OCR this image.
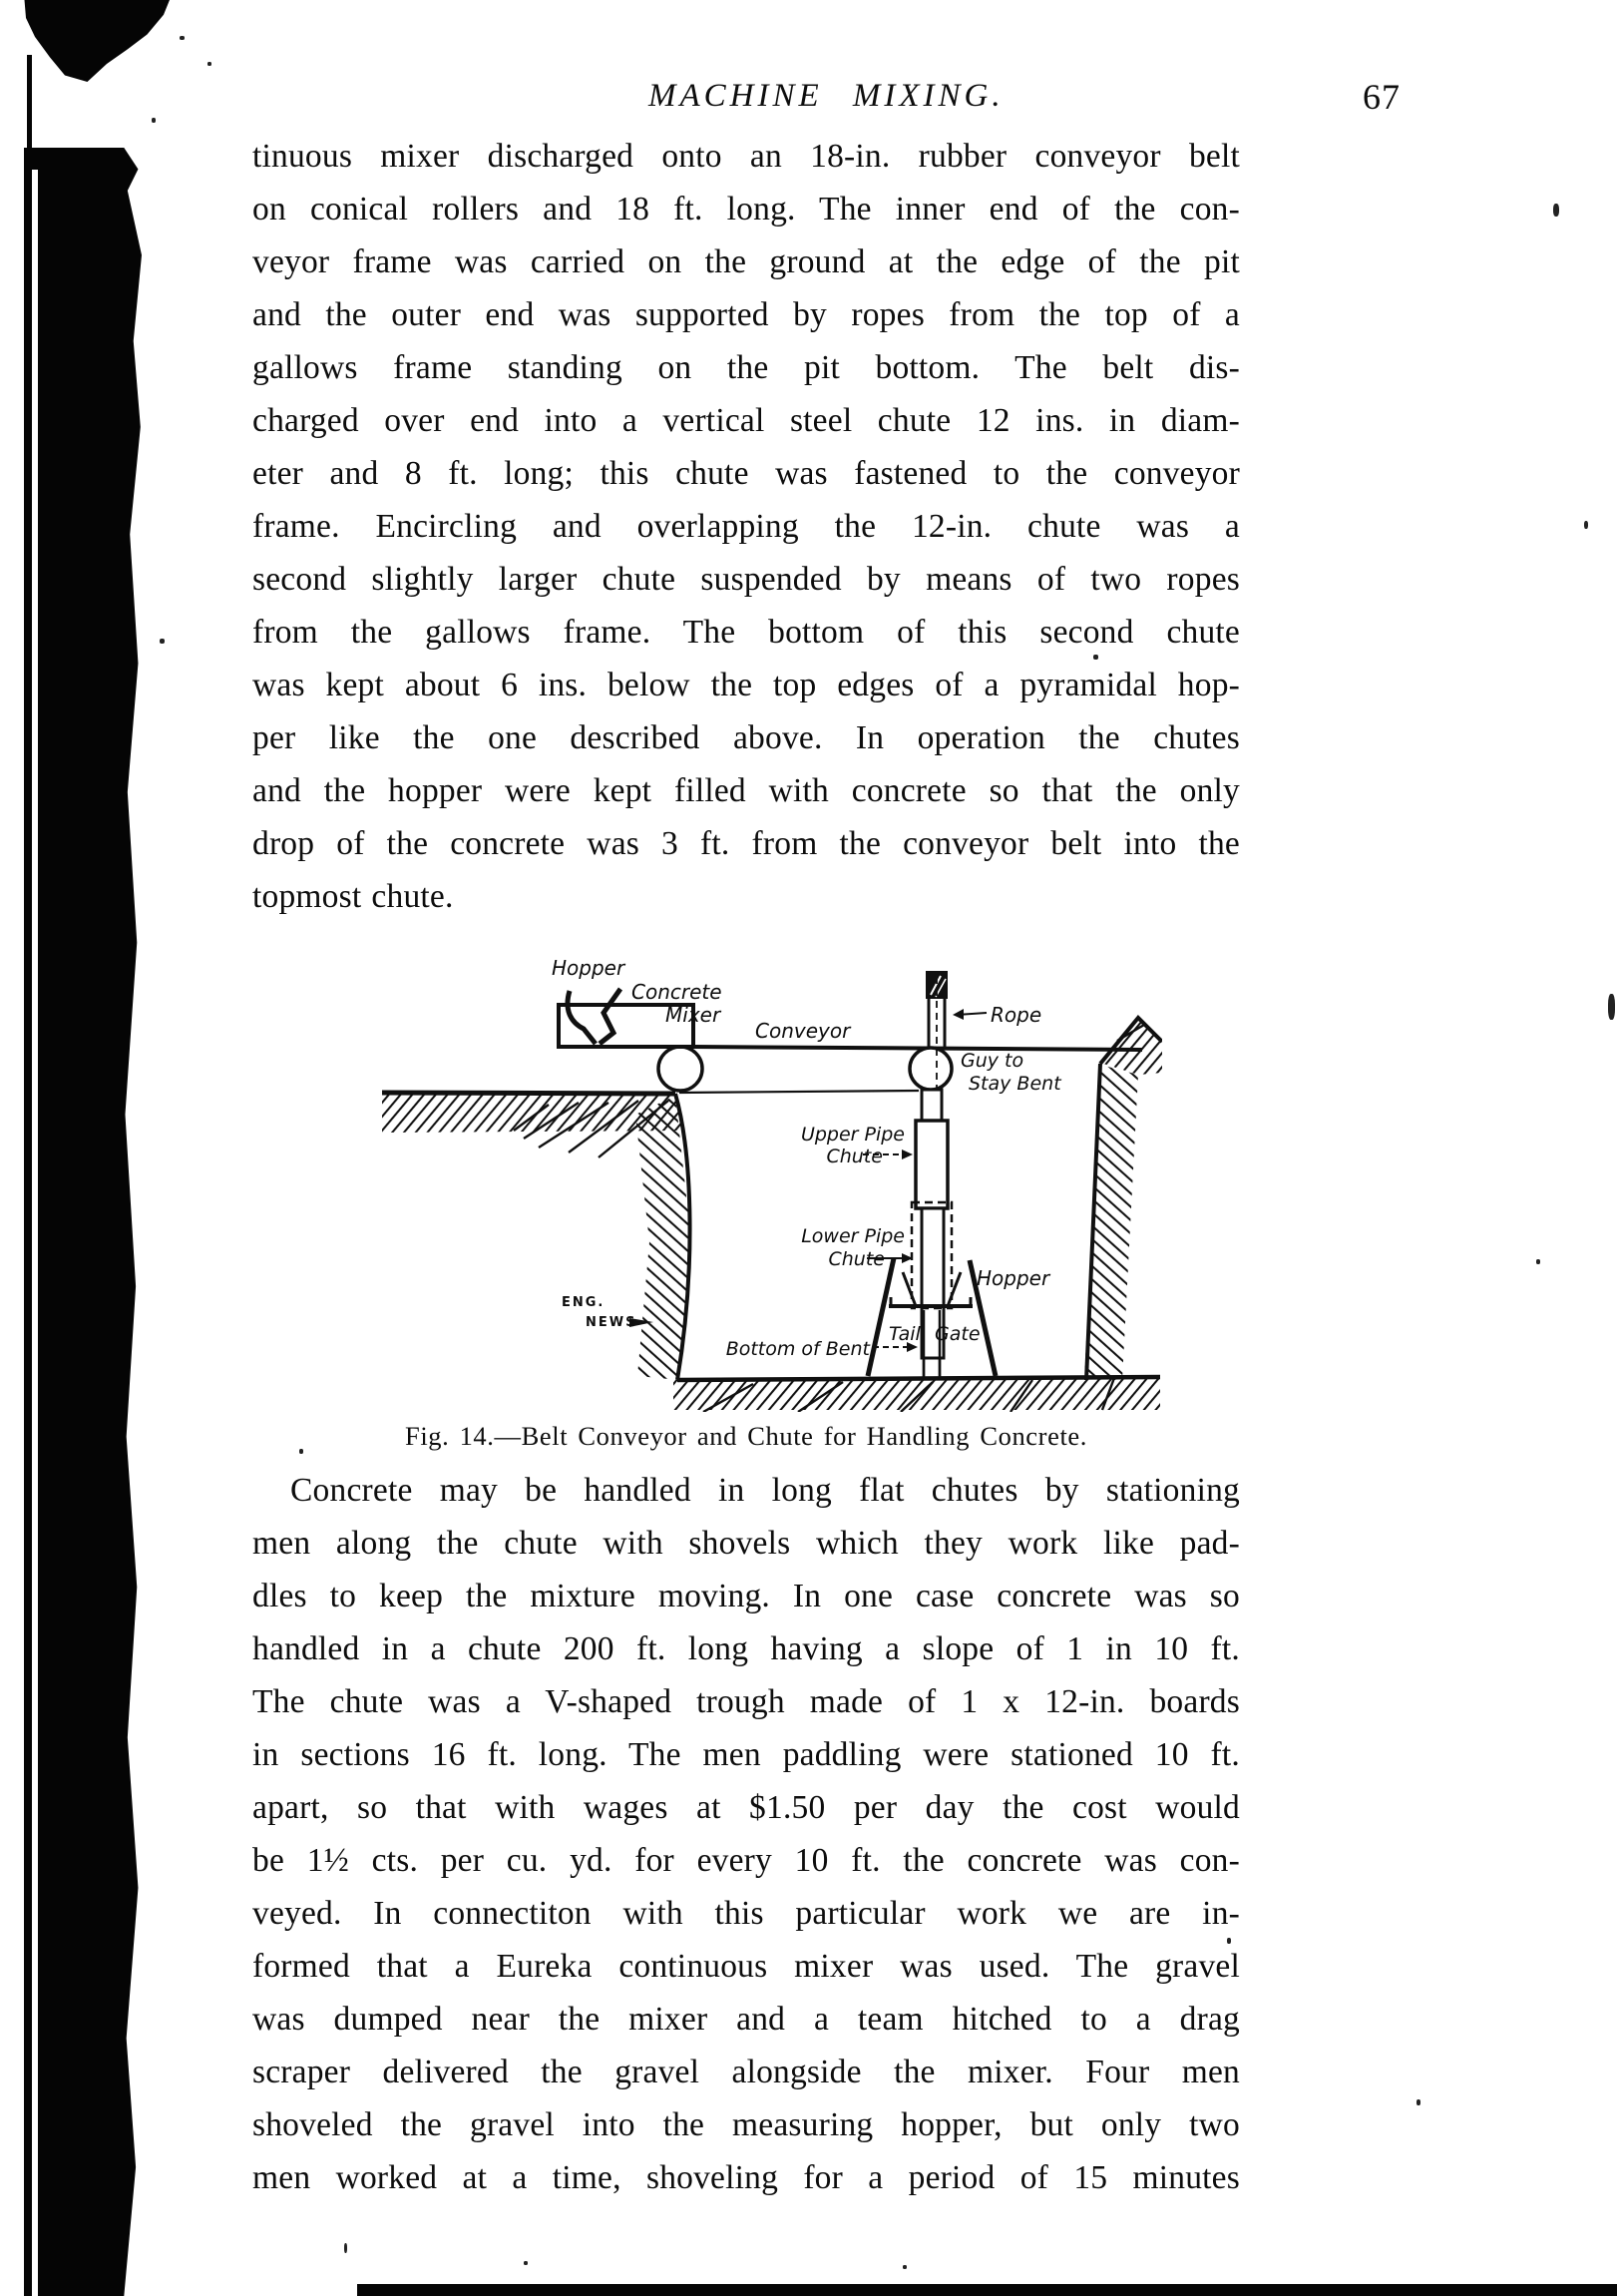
MACHINE MIXING.	67
tinuous mixer discharged onto an 18-in. rubber conveyor belt
on conical rollers and 18 ft. long. The inner end of the con-
veyor frame was carried on the ground at the edge of the pit
and the outer end was supported by ropes from the top of a
gallows frame standing on the pit bottom. The belt dis-
charged over end into a vertical steel chute 12 ins. in diam-
eter and 8 ft. long; this chute was fastened to the conveyor
frame. Encircling and overlapping the 12-in. chute was a
second slightly larger chute suspended by means of two ropes
from the gallows frame. The bottom of this second chute
was kept about 6 ins. below the top edges of a pyramidal hop-
per like the one described above. In operation the chutes
and the hopper were kept filled with concrete so that the only
drop of the concrete was 3 ft. from the conveyor belt into the
topmost chute.
Hopper
Concrete
Mixer
Conveyor
Rope
Guy to
Stay Bent
Upper Pipe
Chute
Lower Pipe
Chute
Hopper
Tail Gate
Bottom of Bent
ENG.
NEWS
Fig. 14.—Belt Conveyor and Chute for Handling Concrete.
Concrete may be handled in long flat chutes by stationing
men along the chute with shovels which they work like pad-
dles to keep the mixture moving. In one case concrete was so
handled in a chute 200 ft. long having a slope of 1 in 10 ft.
The chute was a V-shaped trough made of 1 x 12-in. boards
in sections 16 ft. long. The men paddling were stationed 10 ft.
apart, so that with wages at $1.50 per day the cost would
be 1½ cts. per cu. yd. for every 10 ft. the concrete was con-
veyed. In connectiton with this particular work we are in-
formed that a Eureka continuous mixer was used. The gravel
was dumped near the mixer and a team hitched to a drag
scraper delivered the gravel alongside the mixer. Four men
shoveled the gravel into the measuring hopper, but only two
men worked at a time, shoveling for a period of 15 minutes
